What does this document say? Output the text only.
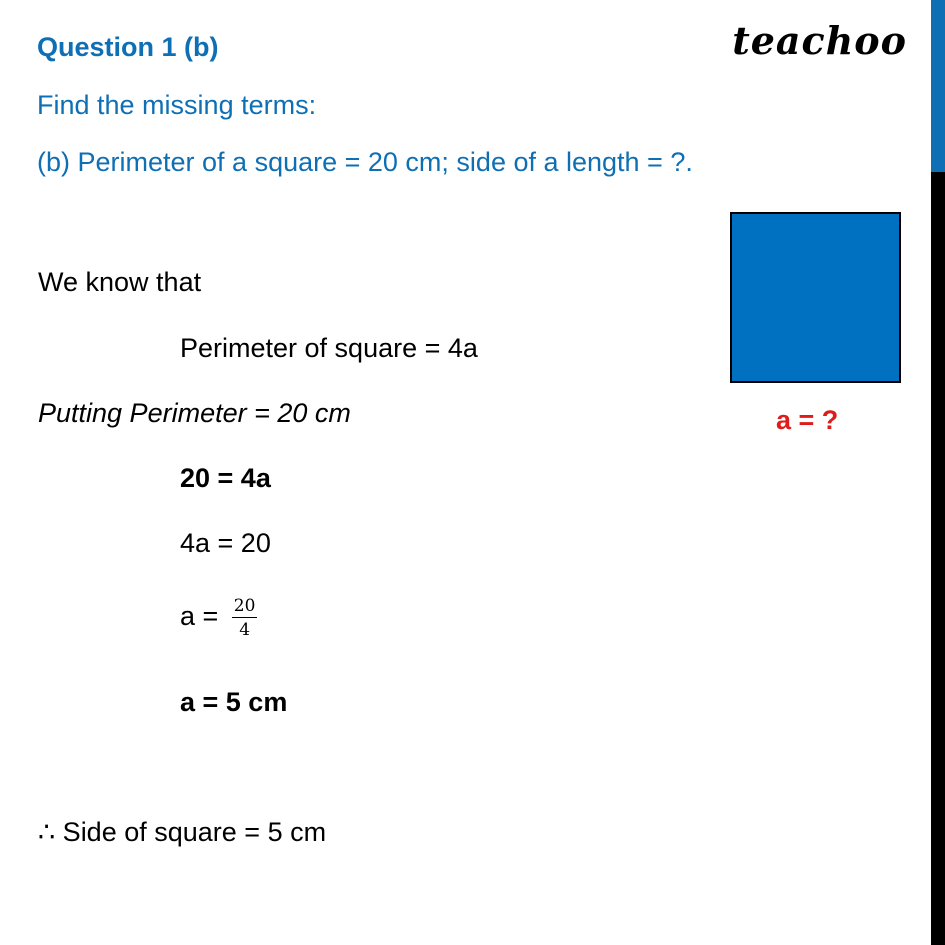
Question 1 (b)	teachoo
Find the missing terms:
(b) Perimeter of a square = 20 cm; side of a length = ?.
We know that
Perimeter of square = 4a
Putting Perimeter = 20 cm
20 = 4a
4a = 20
$a = \frac{20}{4}$
a = 5 cm
∴ Side of square = 5 cm
a = ?
